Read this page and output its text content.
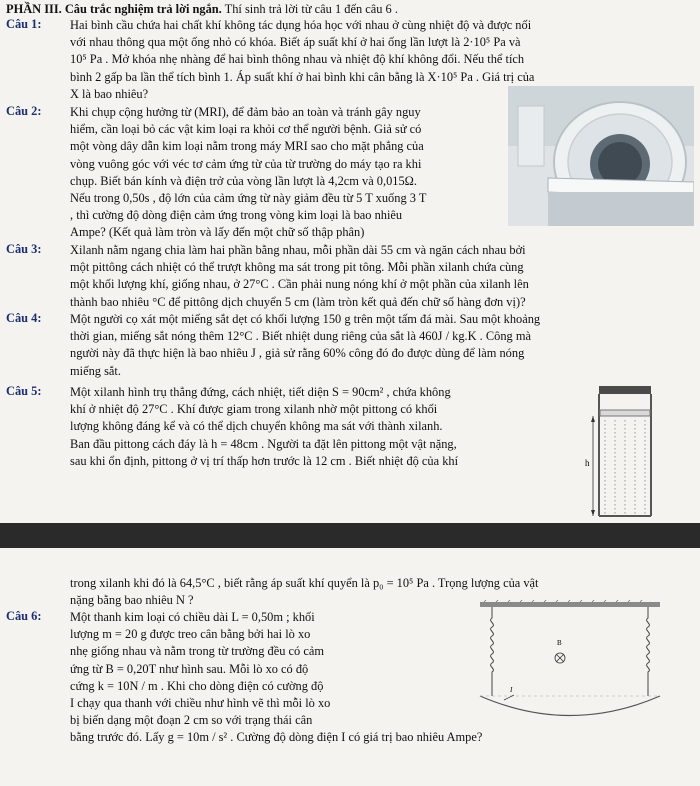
PHẦN III. Câu trắc nghiệm trả lời ngắn. Thí sinh trả lời từ câu 1 đến câu 6 .
Câu 1: Hai bình cầu chứa hai chất khí không tác dụng hóa học với nhau ở cùng nhiệt độ và được nối
với nhau thông qua một ống nhỏ có khóa. Biết áp suất khí ở hai ống lần lượt là 2·10⁵ Pa và
10⁵ Pa . Mở khóa nhẹ nhàng để hai bình thông nhau và nhiệt độ khí không đổi. Nếu thể tích
bình 2 gấp ba lần thể tích bình 1. Áp suất khí ở hai bình khi cân bằng là X·10⁵ Pa . Giá trị của
X là bao nhiêu?
Câu 2: Khi chụp cộng hưởng từ (MRI), để đảm bảo an toàn và tránh gây nguy
hiểm, cần loại bỏ các vật kim loại ra khỏi cơ thể người bệnh. Giả sử có
một vòng dây dẫn kim loại nằm trong máy MRI sao cho mặt phẳng của
vòng vuông góc với véc tơ cảm ứng từ của từ trường do máy tạo ra khi
chụp. Biết bán kính và điện trở của vòng lần lượt là 4,2cm và 0,015Ω.
Nếu trong 0,50s , độ lớn của cảm ứng từ này giảm đều từ 5 T xuống 3 T
, thì cường độ dòng điện cảm ứng trong vòng kim loại là bao nhiêu
Ampe? (Kết quả làm tròn và lấy đến một chữ số thập phân)
Câu 3: Xilanh nằm ngang chia làm hai phần bằng nhau, mỗi phần dài 55 cm và ngăn cách nhau bởi
một pittông cách nhiệt có thể trượt không ma sát trong pit tông. Mỗi phần xilanh chứa cùng
một khối lượng khí, giống nhau, ở 27°C . Cần phải nung nóng khí ở một phần của xilanh lên
thành bao nhiêu °C để pittông dịch chuyển 5 cm (làm tròn kết quả đến chữ số hàng đơn vị)?
Câu 4: Một người cọ xát một miếng sắt dẹt có khối lượng 150 g trên một tấm đá mài. Sau một khoảng
thời gian, miếng sắt nóng thêm 12°C . Biết nhiệt dung riêng của sắt là 460J / kg.K . Công mà
người này đã thực hiện là bao nhiêu J , giả sử rằng 60% công đó đo được dùng để làm nóng
miếng sắt.
Câu 5: Một xilanh hình trụ thẳng đứng, cách nhiệt, tiết diện S = 90cm² , chứa không
khí ở nhiệt độ 27°C . Khí được giam trong xilanh nhờ một pittong có khối
lượng không đáng kể và có thể dịch chuyển không ma sát với thành xilanh.
Ban đầu pittong cách đáy là h = 48cm . Người ta đặt lên pittong một vật nặng,
sau khi ổn định, pittong ở vị trí thấp hơn trước là 12 cm . Biết nhiệt độ của khí	h
trong xilanh khi đó là 64,5°C , biết rằng áp suất khí quyển là p₀ = 10⁵ Pa . Trọng lượng của vật
nặng bằng bao nhiêu N ?
Câu 6: Một thanh kim loại có chiều dài L = 0,50m ; khối
lượng m = 20 g được treo cân bằng bởi hai lò xo
nhẹ giống nhau và nằm trong từ trường đều có cảm
ứng từ B = 0,20T như hình sau. Mỗi lò xo có độ
cứng k = 10N / m . Khi cho dòng điện có cường độ
I chạy qua thanh với chiều như hình vẽ thì mỗi lò xo
bị biến dạng một đoạn 2 cm so với trạng thái cân
bằng trước đó. Lấy g = 10m / s² . Cường độ dòng điện I có giá trị bao nhiêu Ampe?
B
I
